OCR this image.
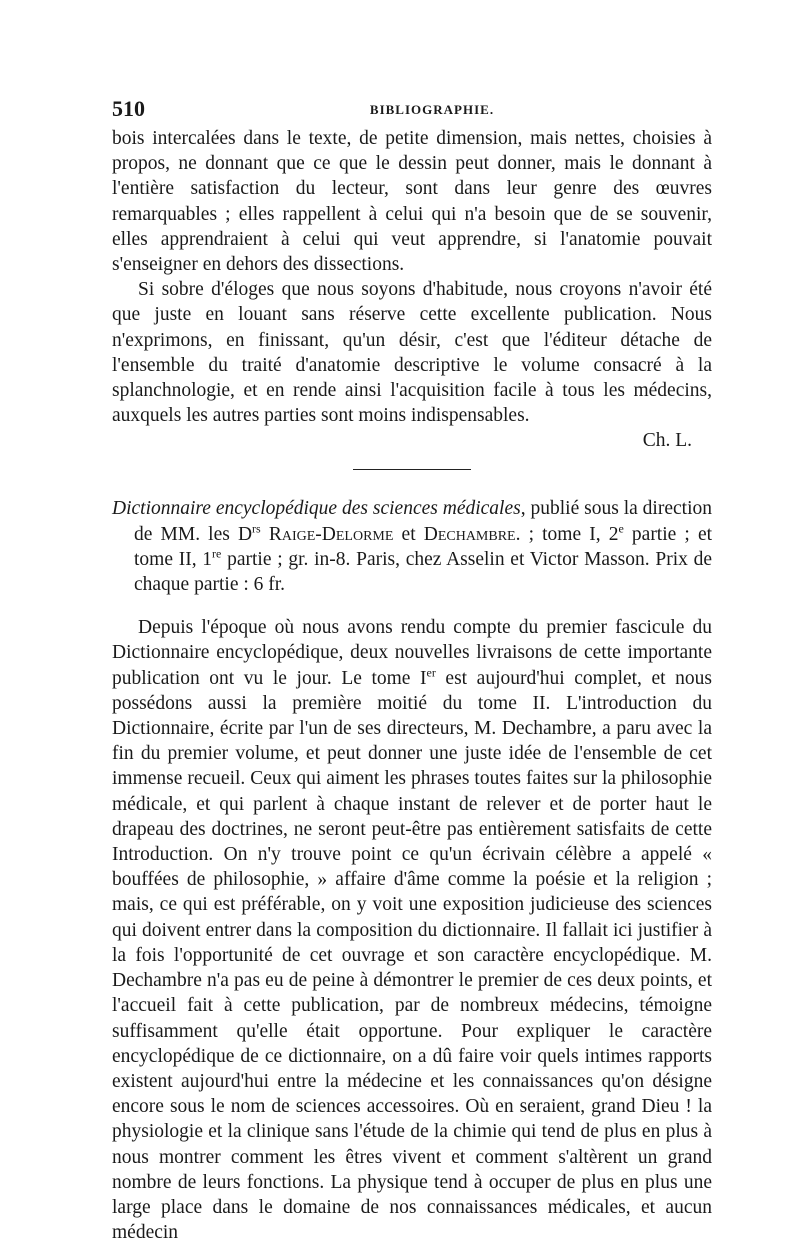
510	BIBLIOGRAPHIE.

bois intercalées dans le texte, de petite dimension, mais nettes, choisies à propos, ne donnant que ce que le dessin peut donner, mais le donnant à l'entière satisfaction du lecteur, sont dans leur genre des œuvres remarquables ; elles rappellent à celui qui n'a besoin que de se souvenir, elles apprendraient à celui qui veut apprendre, si l'anatomie pouvait s'enseigner en dehors des dissections.

Si sobre d'éloges que nous soyons d'habitude, nous croyons n'avoir été que juste en louant sans réserve cette excellente publication. Nous n'exprimons, en finissant, qu'un désir, c'est que l'éditeur détache de l'ensemble du traité d'anatomie descriptive le volume consacré à la splanchnologie, et en rende ainsi l'acquisition facile à tous les médecins, auxquels les autres parties sont moins indispensables.

Ch. L.

Dictionnaire encyclopédique des sciences médicales, publié sous la direction de MM. les $D^{rs}$ Raige-Delorme et Dechambre. ; tome I, 2e partie ; et tome II, 1re partie ; gr. in-8. Paris, chez Asselin et Victor Masson. Prix de chaque partie : 6 fr.

Depuis l'époque où nous avons rendu compte du premier fascicule du Dictionnaire encyclopédique, deux nouvelles livraisons de cette importante publication ont vu le jour. Le tome Ier est aujourd'hui complet, et nous possédons aussi la première moitié du tome II. L'introduction du Dictionnaire, écrite par l'un de ses directeurs, M. Dechambre, a paru avec la fin du premier volume, et peut donner une juste idée de l'ensemble de cet immense recueil. Ceux qui aiment les phrases toutes faites sur la philosophie médicale, et qui parlent à chaque instant de relever et de porter haut le drapeau des doctrines, ne seront peut-être pas entièrement satisfaits de cette Introduction. On n'y trouve point ce qu'un écrivain célèbre a appelé « bouffées de philosophie, » affaire d'âme comme la poésie et la religion ; mais, ce qui est préférable, on y voit une exposition judicieuse des sciences qui doivent entrer dans la composition du dictionnaire. Il fallait ici justifier à la fois l'opportunité de cet ouvrage et son caractère encyclopédique. M. Dechambre n'a pas eu de peine à démontrer le premier de ces deux points, et l'accueil fait à cette publication, par de nombreux médecins, témoigne suffisamment qu'elle était opportune. Pour expliquer le caractère encyclopédique de ce dictionnaire, on a dû faire voir quels intimes rapports existent aujourd'hui entre la médecine et les connaissances qu'on désigne encore sous le nom de sciences accessoires. Où en seraient, grand Dieu ! la physiologie et la clinique sans l'étude de la chimie qui tend de plus en plus à nous montrer comment les êtres vivent et comment s'altèrent un grand nombre de leurs fonctions. La physique tend à occuper de plus en plus une large place dans le domaine de nos connaissances médicales, et aucun médecin
